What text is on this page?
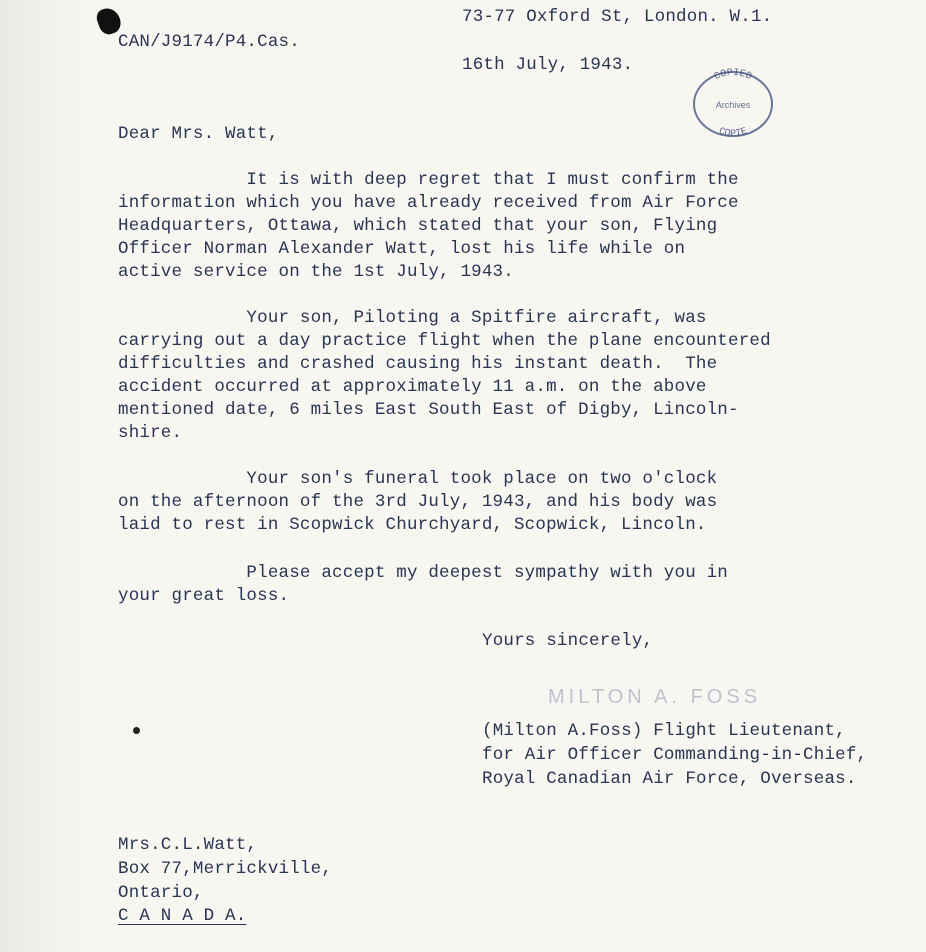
CAN/J9174/P4.Cas.
73-77 Oxford St, London. W.1.
16th July, 1943.
COPIED
Archives
COPIE
Dear Mrs. Watt,
It is with deep regret that I must confirm the
information which you have already received from Air Force
Headquarters, Ottawa, which stated that your son, Flying
Officer Norman Alexander Watt, lost his life while on
active service on the 1st July, 1943.
Your son, Piloting a Spitfire aircraft, was
carrying out a day practice flight when the plane encountered
difficulties and crashed causing his instant death.  The
accident occurred at approximately 11 a.m. on the above
mentioned date, 6 miles East South East of Digby, Lincoln-
shire.
Your son's funeral took place on two o'clock
on the afternoon of the 3rd July, 1943, and his body was
laid to rest in Scopwick Churchyard, Scopwick, Lincoln.
Please accept my deepest sympathy with you in
your great loss.
Yours sincerely,
MILTON A. FOSS
(Milton A.Foss) Flight Lieutenant,
for Air Officer Commanding-in-Chief,
Royal Canadian Air Force, Overseas.
Mrs.C.L.Watt,
Box 77,Merrickville,
Ontario,
C A N A D A.
